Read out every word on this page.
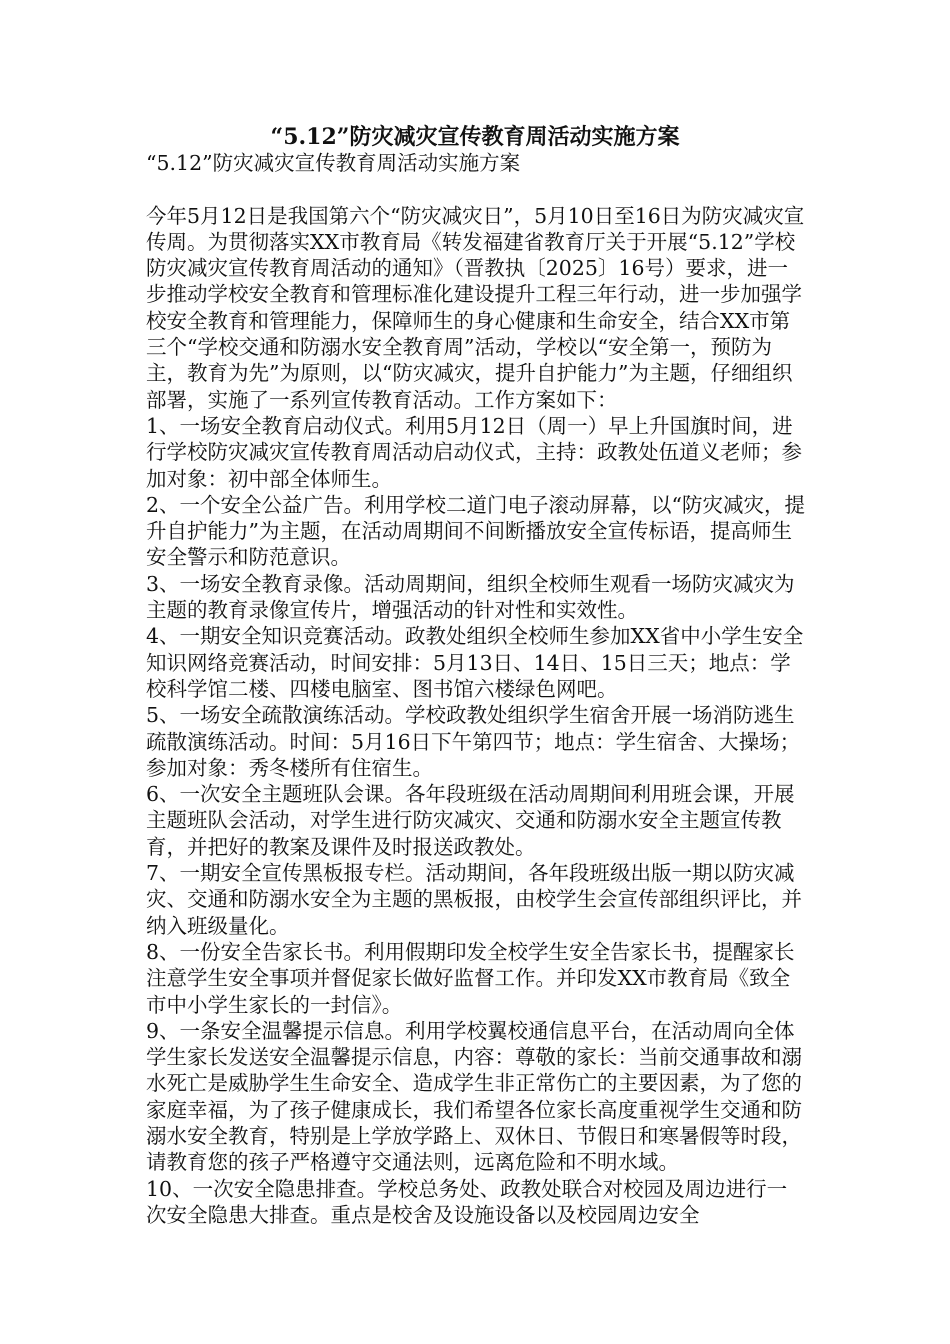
“5.12”防灾减灾宣传教育周活动实施方案

“5.12”防灾减灾宣传教育周活动实施方案

今年5月12日是我国第六个“防灾减灾日”，5月10日至16日为防灾减灾宣传周。为贯彻落实XX市教育局《转发福建省教育厅关于开展“5.12”学校防灾减灾宣传教育周活动的通知》（晋教执〔2025〕16号）要求，进一步推动学校安全教育和管理标准化建设提升工程三年行动，进一步加强学校安全教育和管理能力，保障师生的身心健康和生命安全，结合XX市第三个“学校交通和防溺水安全教育周”活动，学校以“安全第一，预防为主，教育为先”为原则，以“防灾减灾，提升自护能力”为主题，仔细组织部署，实施了一系列宣传教育活动。工作方案如下：

1、一场安全教育启动仪式。利用5月12日（周一）早上升国旗时间，进行学校防灾减灾宣传教育周活动启动仪式，主持：政教处伍道义老师；参加对象：初中部全体师生。

2、一个安全公益广告。利用学校二道门电子滚动屏幕，以“防灾减灾，提升自护能力”为主题，在活动周期间不间断播放安全宣传标语，提高师生安全警示和防范意识。

3、一场安全教育录像。活动周期间，组织全校师生观看一场防灾减灾为主题的教育录像宣传片，增强活动的针对性和实效性。

4、一期安全知识竞赛活动。政教处组织全校师生参加XX省中小学生安全知识网络竞赛活动，时间安排：5月13日、14日、15日三天；地点：学校科学馆二楼、四楼电脑室、图书馆六楼绿色网吧。

5、一场安全疏散演练活动。学校政教处组织学生宿舍开展一场消防逃生疏散演练活动。时间：5月16日下午第四节；地点：学生宿舍、大操场；参加对象：秀冬楼所有住宿生。

6、一次安全主题班队会课。各年段班级在活动周期间利用班会课，开展主题班队会活动，对学生进行防灾减灾、交通和防溺水安全主题宣传教育，并把好的教案及课件及时报送政教处。

7、一期安全宣传黑板报专栏。活动期间，各年段班级出版一期以防灾减灾、交通和防溺水安全为主题的黑板报，由校学生会宣传部组织评比，并纳入班级量化。

8、一份安全告家长书。利用假期印发全校学生安全告家长书，提醒家长注意学生安全事项并督促家长做好监督工作。并印发XX市教育局《致全市中小学生家长的一封信》。

9、一条安全温馨提示信息。利用学校翼校通信息平台，在活动周向全体学生家长发送安全温馨提示信息，内容：尊敬的家长：当前交通事故和溺水死亡是威胁学生生命安全、造成学生非正常伤亡的主要因素，为了您的家庭幸福，为了孩子健康成长，我们希望各位家长高度重视学生交通和防溺水安全教育，特别是上学放学路上、双休日、节假日和寒暑假等时段，请教育您的孩子严格遵守交通法则，远离危险和不明水域。

10、一次安全隐患排查。学校总务处、政教处联合对校园及周边进行一次安全隐患大排查。重点是校舍及设施设备以及校园周边安全
